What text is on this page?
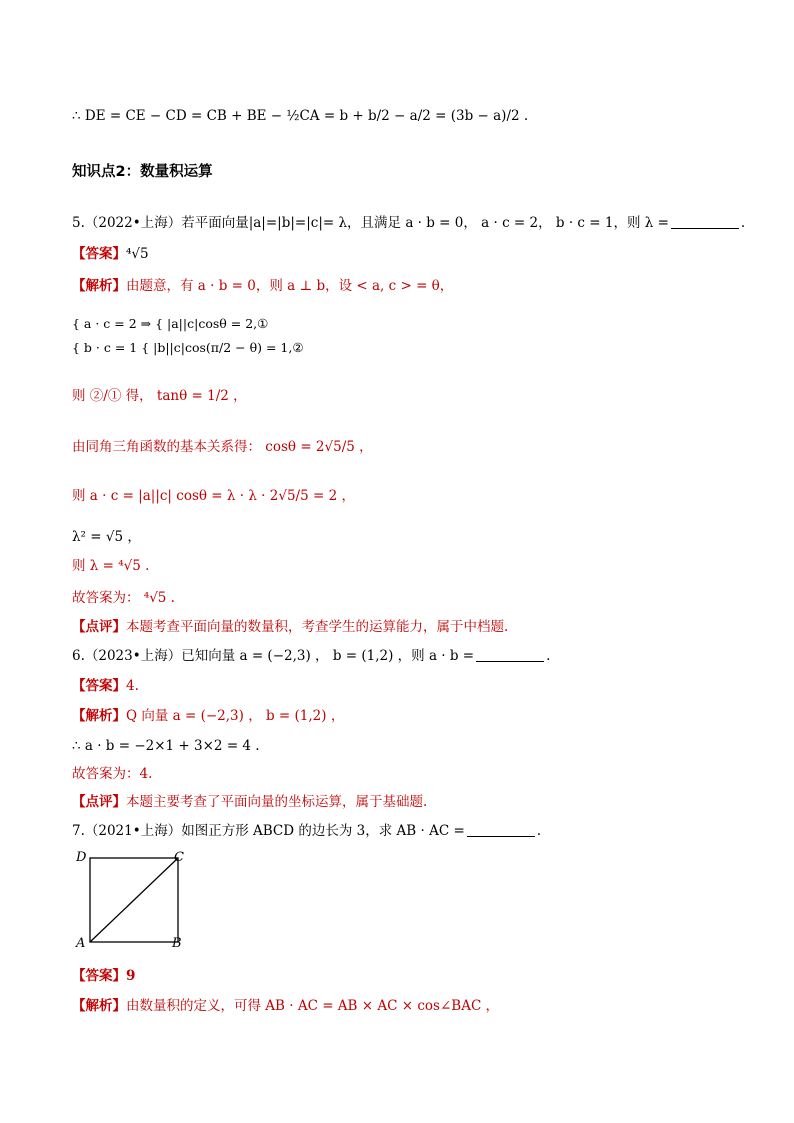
∴ DE = CE − CD = CB + BE − ½CA = b + b/2 − a/2 = (3b − a)/2 .
知识点2：数量积运算
5.（2022•上海）若平面向量|a|=|b|=|c|= λ，且满足 a · b = 0， a · c = 2， b · c = 1，则 λ =	.
【答案】⁴√5
【解析】由题意，有 a · b = 0，则 a ⊥ b，设 < a, c > = θ，
{ a · c = 2 ⇒ { |a||c|cosθ = 2,①
{ b · c = 1 { |b||c|cos(π/2 − θ) = 1,②
则 ②/① 得， tanθ = 1/2 ，
由同角三角函数的基本关系得： cosθ = 2√5/5 ，
则 a · c = |a||c| cosθ = λ · λ · 2√5/5 = 2 ，
λ² = √5 ，
则 λ = ⁴√5 .
故答案为： ⁴√5 .
【点评】本题考查平面向量的数量积，考查学生的运算能力，属于中档题.
6.（2023•上海）已知向量 a = (−2,3) ， b = (1,2) ，则 a · b =	.
【答案】4.
【解析】Q 向量 a = (−2,3) ， b = (1,2) ，
∴ a · b = −2×1 + 3×2 = 4 .
故答案为：4.
【点评】本题主要考查了平面向量的坐标运算，属于基础题.
7.（2021•上海）如图正方形 ABCD 的边长为 3，求 AB · AC =	.
D	C
A	B
【答案】9
【解析】由数量积的定义，可得 AB · AC = AB × AC × cos∠BAC ，
